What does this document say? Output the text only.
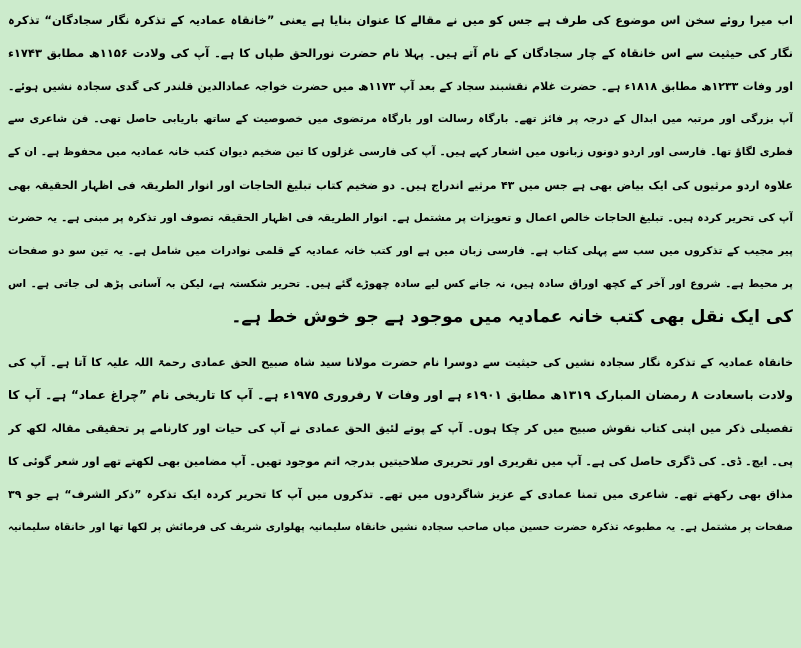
اب میرا روئے سخن اس موضوع کی طرف ہے جس کو میں نے مقالے کا عنوان بنایا ہے یعنی ”خانقاہ عمادیہ کے تذکرہ نگار سجادگان“ تذکرہ
نگار کی حیثیت سے اس خانقاہ کے چار سجادگان کے نام آتے ہیں۔ پہلا نام حضرت نورالحق طپاں کا ہے۔ آپ کی ولادت ۱۱۵۶ھ مطابق ۱۷۴۳ء
اور وفات ۱۲۳۳ھ مطابق ۱۸۱۸ء ہے۔ حضرت غلام نقشبند سجاد کے بعد آپ ۱۱۷۳ھ میں حضرت خواجہ عمادالدین قلندر کی گدی سجادہ نشیں ہوئے۔
آپ بزرگی اور مرتبہ میں ابدال کے درجہ پر فائز تھے۔ بارگاہ رسالت اور بارگاہ مرتضوی میں خصوصیت کے ساتھ باریابی حاصل تھی۔ فن شاعری سے
فطری لگاؤ تھا۔ فارسی اور اردو دونوں زبانوں میں اشعار کہے ہیں۔ آپ کی فارسی غزلوں کا تین ضخیم دیوان کتب خانہ عمادیہ میں محفوظ ہے۔ ان کے
علاوہ اردو مرثیوں کی ایک بیاض بھی ہے جس میں ۴۳ مرثیے اندراج ہیں۔ دو ضخیم کتاب تبلیغ الحاجات اور انوار الطریقہ فی اظہار الحقیقہ بھی
آپ کی تحریر کردہ ہیں۔ تبلیغ الحاجات خالص اعمال و تعویزات پر مشتمل ہے۔ انوار الطریقہ فی اظہار الحقیقہ تصوف اور تذکرہ پر مبنی ہے۔ یہ حضرت
پیر مجیب کے تذکروں میں سب سے پہلی کتاب ہے۔ فارسی زبان میں ہے اور کتب خانہ عمادیہ کے قلمی نوادرات میں شامل ہے۔ یہ تین سو دو صفحات
پر محیط ہے۔ شروع اور آخر کے کچھ اوراق سادہ ہیں، نہ جانے کس لیے سادہ چھوڑے گئے ہیں۔ تحریر شکستہ ہے، لیکن بہ آسانی پڑھ لی جاتی ہے۔ اس
کی ایک نقل بھی کتب خانہ عمادیہ میں موجود ہے جو خوش خط ہے۔
خانقاہ عمادیہ کے تذکرہ نگار سجادہ نشیں کی حیثیت سے دوسرا نام حضرت مولانا سید شاہ صبیح الحق عمادی رحمۃ اللہ علیہ کا آتا ہے۔ آپ کی
ولادت باسعادت ۸ رمضان المبارک ۱۳۱۹ھ مطابق ۱۹۰۱ء ہے اور وفات ۷ رفروری ۱۹۷۵ء ہے۔ آپ کا تاریخی نام ”چراغ عماد“ ہے۔ آپ کا
تفصیلی ذکر میں اپنی کتاب نقوش صبیح میں کر چکا ہوں۔ آپ کے پوتے لئیق الحق عمادی نے آپ کی حیات اور کارنامے پر تحقیقی مقالہ لکھ کر
پی۔ ایچ۔ ڈی۔ کی ڈگری حاصل کی ہے۔ آپ میں تقریری اور تحریری صلاحیتیں بدرجہ اتم موجود تھیں۔ آپ مضامین بھی لکھتے تھے اور شعر گوئی کا
مذاق بھی رکھتے تھے۔ شاعری میں تمنا عمادی کے عزیز شاگردوں میں تھے۔ تذکروں میں آپ کا تحریر کردہ ایک تذکرہ ”ذکر الشرف“ ہے جو ۳۹
صفحات پر مشتمل ہے۔ یہ مطبوعہ تذکرہ حضرت حسین میاں صاحب سجادہ نشیں خانقاہ سلیمانیہ پھلواری شریف کی فرمائش پر لکھا تھا اور خانقاہ سلیمانیہ
